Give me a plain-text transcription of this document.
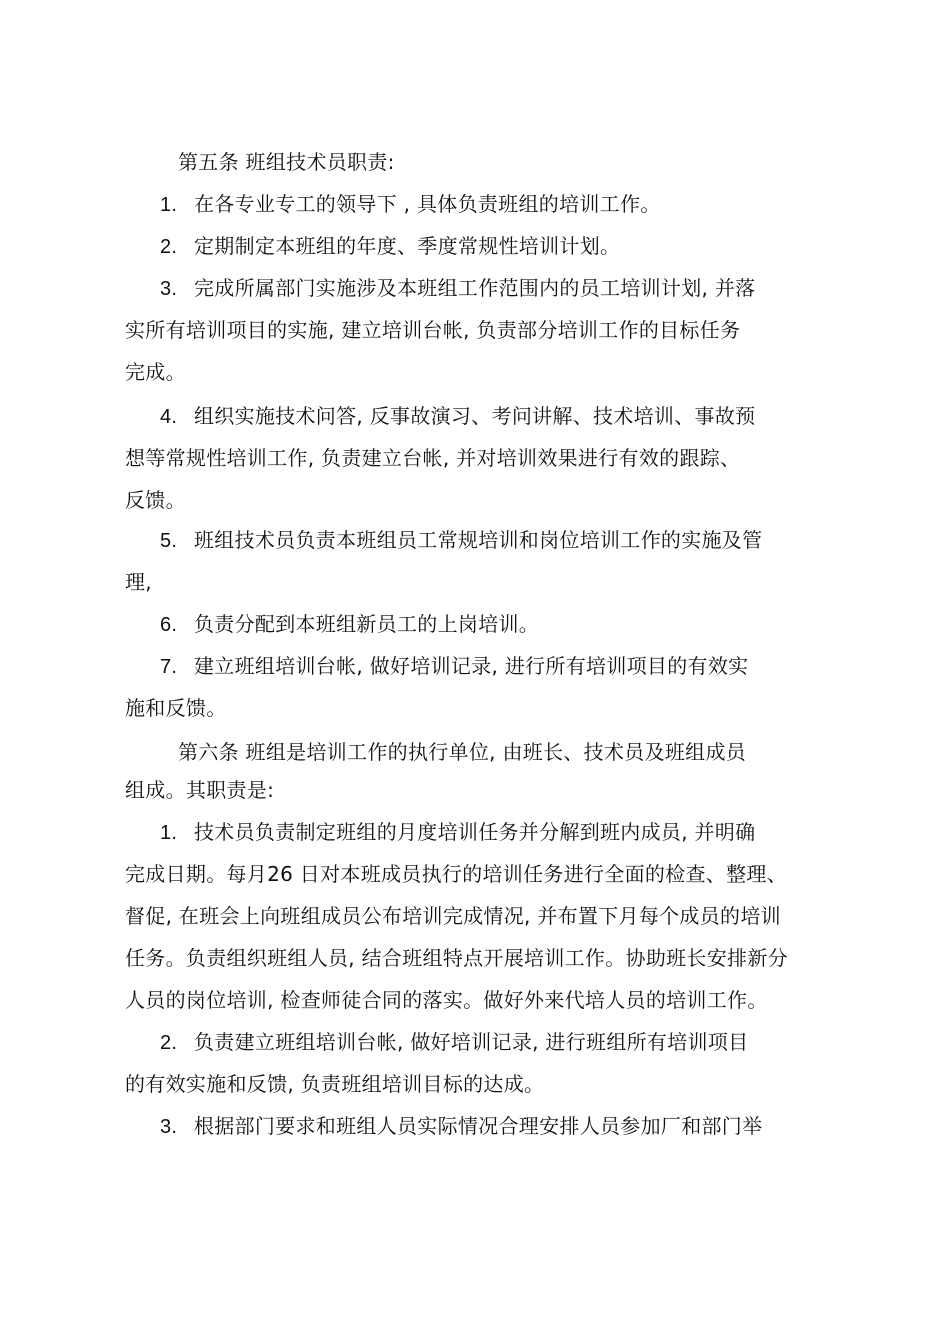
第五条 班组技术员职责:
1. 在各专业专工的领导下 , 具体负责班组的培训工作。
2. 定期制定本班组的年度、季度常规性培训计划。
3. 完成所属部门实施涉及本班组工作范围内的员工培训计划, 并落
实所有培训项目的实施, 建立培训台帐, 负责部分培训工作的目标任务
完成。
4. 组织实施技术问答, 反事故演习、考问讲解、技术培训、事故预
想等常规性培训工作, 负责建立台帐, 并对培训效果进行有效的跟踪、
反馈。
5. 班组技术员负责本班组员工常规培训和岗位培训工作的实施及管
理,
6. 负责分配到本班组新员工的上岗培训。
7. 建立班组培训台帐, 做好培训记录, 进行所有培训项目的有效实
施和反馈。
第六条 班组是培训工作的执行单位, 由班长、技术员及班组成员
组成。其职责是:
1. 技术员负责制定班组的月度培训任务并分解到班内成员, 并明确
完成日期。每月26 日对本班成员执行的培训任务进行全面的检查、整理、
督促, 在班会上向班组成员公布培训完成情况, 并布置下月每个成员的培训
任务。负责组织班组人员, 结合班组特点开展培训工作。协助班长安排新分
人员的岗位培训, 检查师徒合同的落实。做好外来代培人员的培训工作。
2. 负责建立班组培训台帐, 做好培训记录, 进行班组所有培训项目
的有效实施和反馈, 负责班组培训目标的达成。
3. 根据部门要求和班组人员实际情况合理安排人员参加厂和部门举
